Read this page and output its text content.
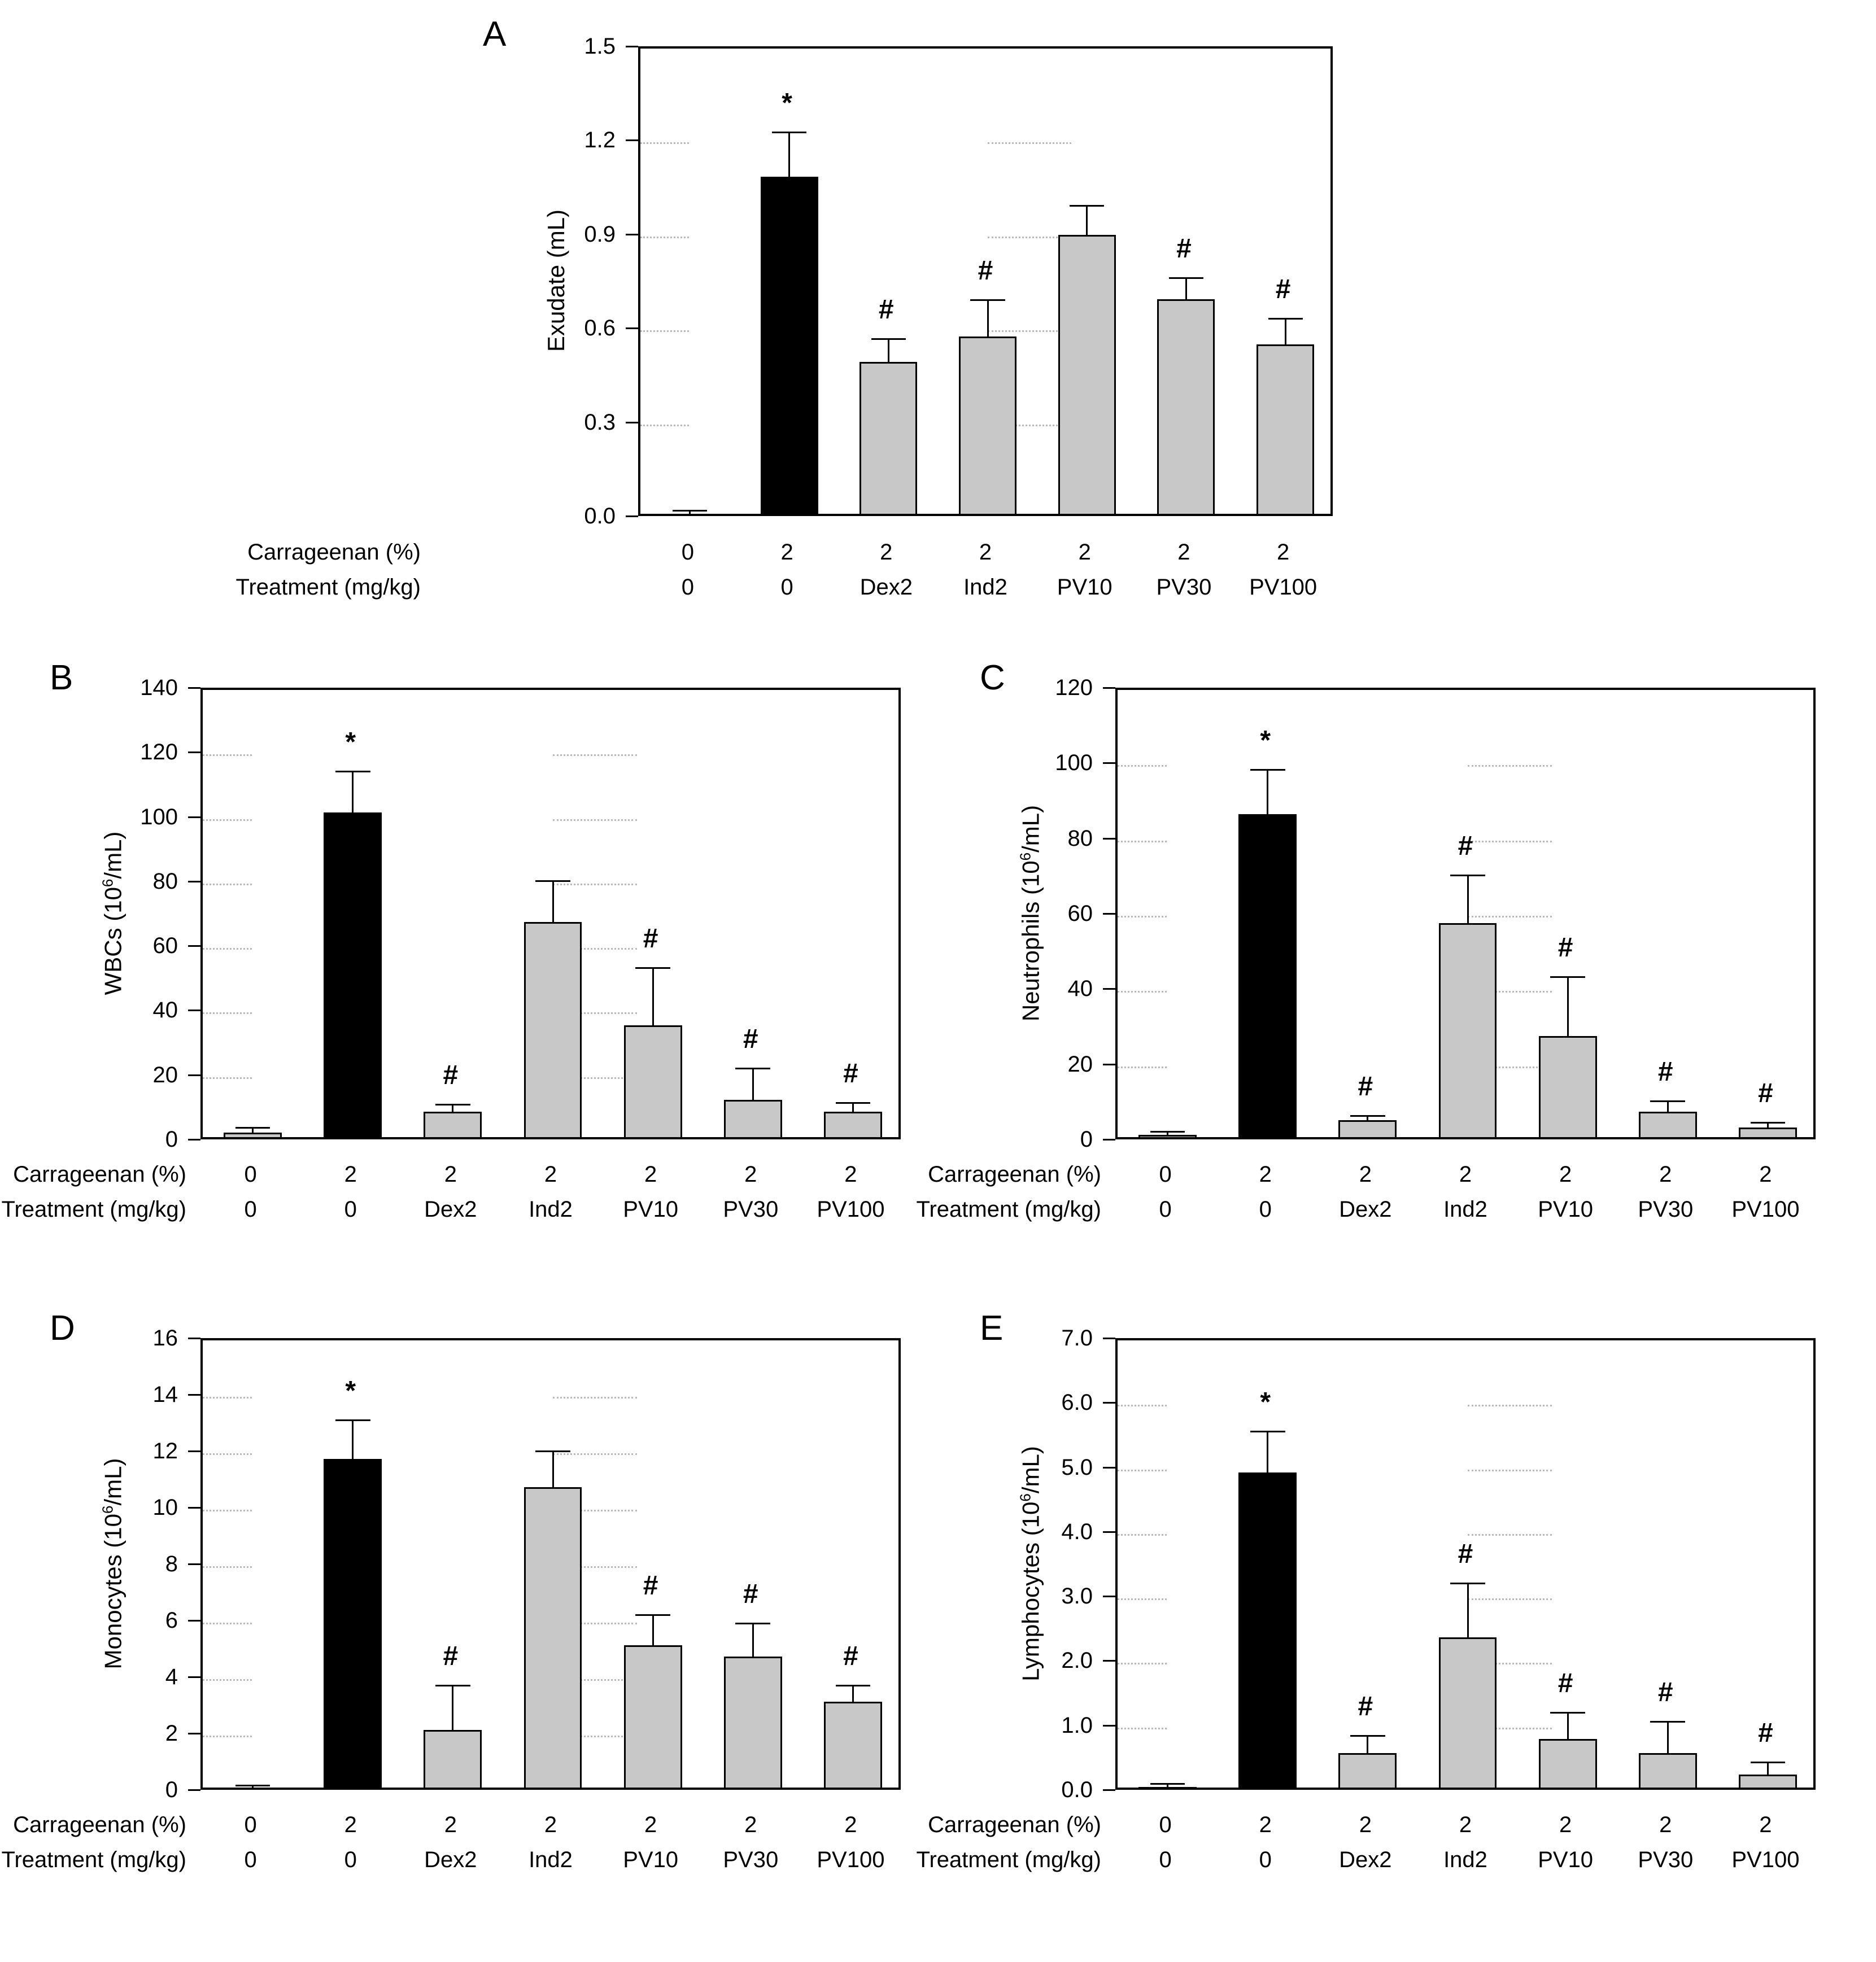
A
0.0
0.3
0.6
0.9
1.2
1.5
Exudate (mL)
*
#
#
#
#
Carrageenan (%)
Treatment (mg/kg)
0
0
2
0
2
Dex2
2
Ind2
2
PV10
2
PV30
2
PV100
B
0
20
40
60
80
100
120
140
WBCs $(10^6/mL)$
*
#
#
#
#
Carrageenan (%)
Treatment (mg/kg)
0
0
2
0
2
Dex2
2
Ind2
2
PV10
2
PV30
2
PV100
C
0
20
40
60
80
100
120
Neutrophils $(10^6/mL)$
*
#
#
#
#
#
Carrageenan (%)
Treatment (mg/kg)
0
0
2
0
2
Dex2
2
Ind2
2
PV10
2
PV30
2
PV100
D
0
2
4
6
8
10
12
14
16
Monocytes $(10^6/mL)$
*
#
#	#
#
Carrageenan (%)
Treatment (mg/kg)
0
0
2
0
2
Dex2
2
Ind2
2
PV10
2
PV30
2
PV100
E
0.0
1.0
2.0
3.0
4.0
5.0
6.0
7.0
Lymphocytes $(10^6/mL)$
*
#
#
#	#
#
Carrageenan (%)
Treatment (mg/kg)
0
0
2
0
2
Dex2
2
Ind2
2
PV10
2
PV30
2
PV100
